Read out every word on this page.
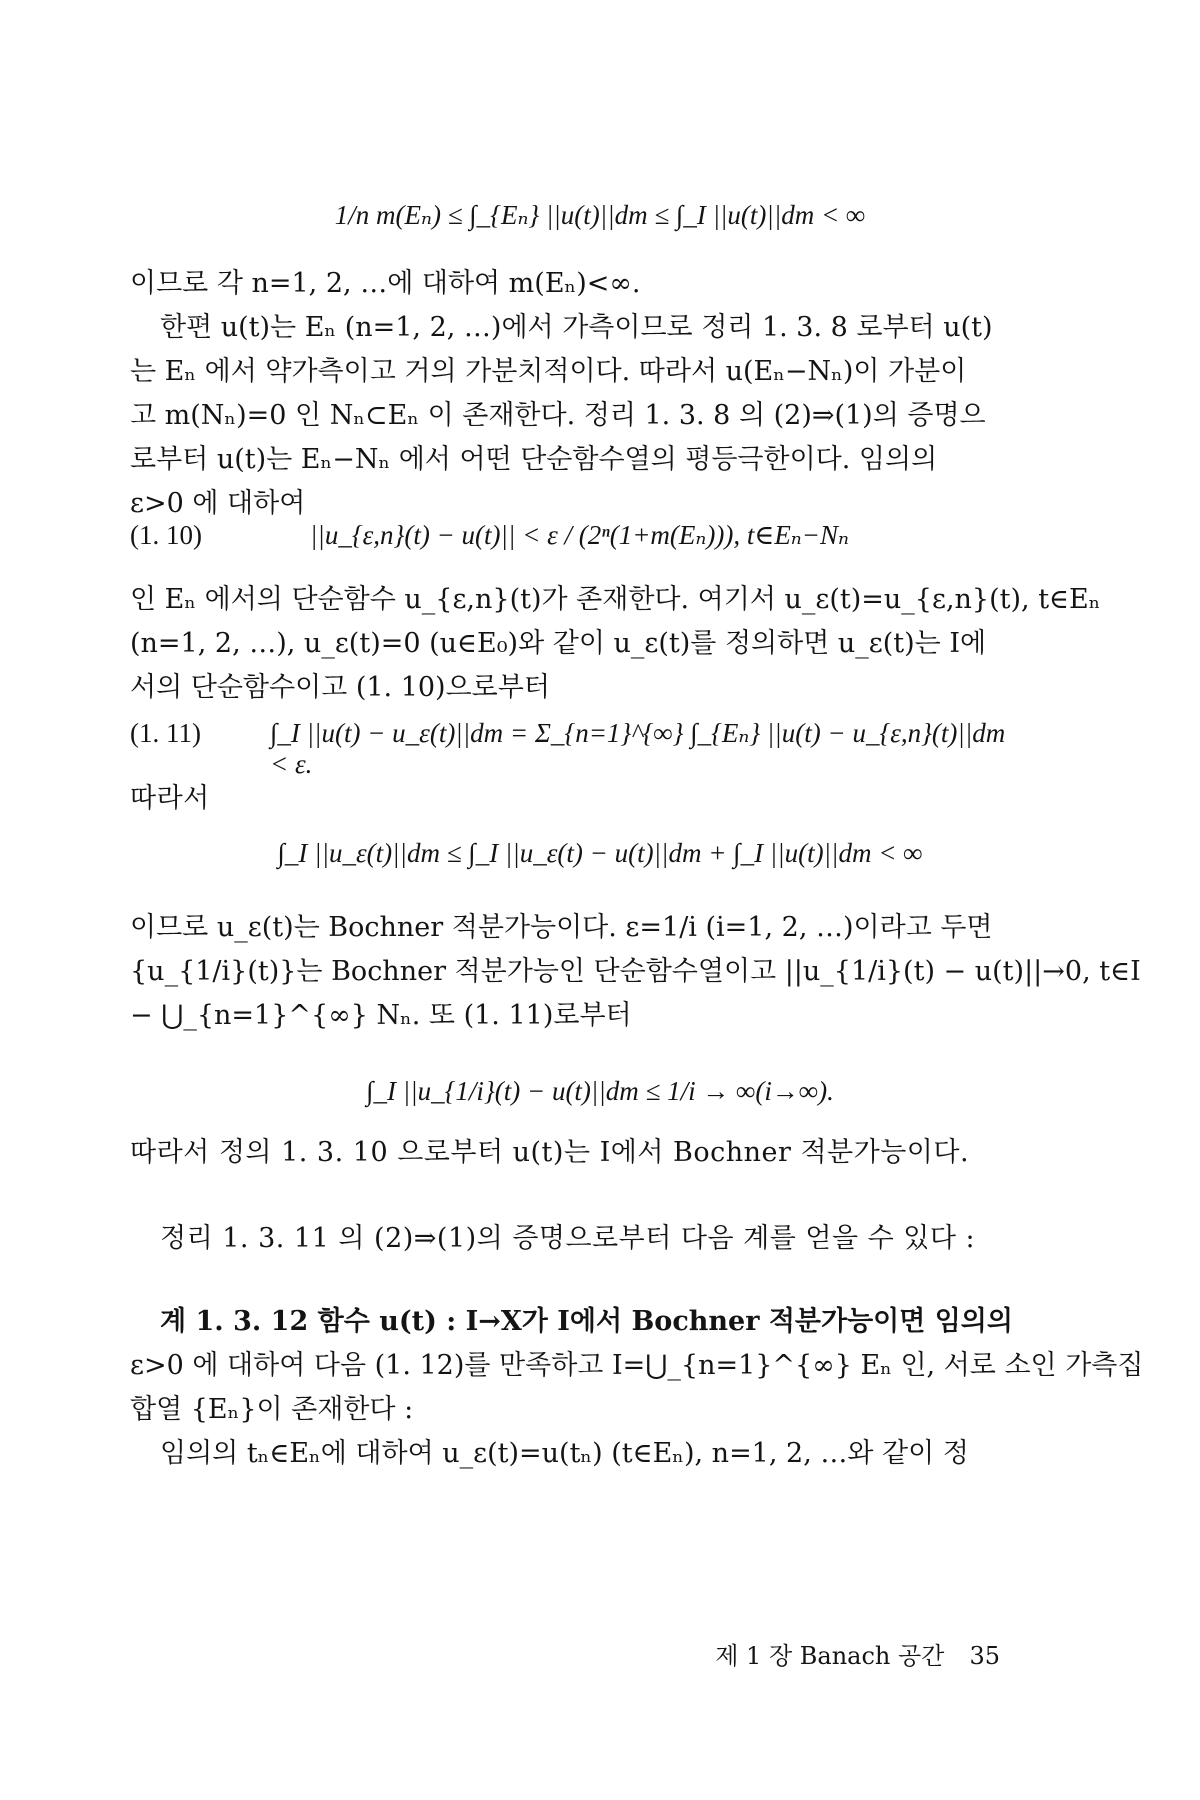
1/n m(Eₙ) ≤ ∫_{Eₙ} ||u(t)||dm ≤ ∫_I ||u(t)||dm < ∞
이므로 각 n=1, 2, …에 대하여 m(Eₙ)<∞.
한편 u(t)는 Eₙ (n=1, 2, …)에서 가측이므로 정리 1. 3. 8 로부터 u(t)
는 Eₙ 에서 약가측이고 거의 가분치적이다. 따라서 u(Eₙ−Nₙ)이 가분이
고 m(Nₙ)=0 인 Nₙ⊂Eₙ 이 존재한다. 정리 1. 3. 8 의 (2)⇒(1)의 증명으
로부터 u(t)는 Eₙ−Nₙ 에서 어떤 단순함수열의 평등극한이다. 임의의
ε>0 에 대하여
(1. 10)	||u_{ε,n}(t) − u(t)|| < ε / (2ⁿ(1+m(Eₙ))), t∈Eₙ−Nₙ
인 Eₙ 에서의 단순함수 u_{ε,n}(t)가 존재한다. 여기서 u_ε(t)=u_{ε,n}(t), t∈Eₙ
(n=1, 2, …), u_ε(t)=0 (u∈E₀)와 같이 u_ε(t)를 정의하면 u_ε(t)는 I에
서의 단순함수이고 (1. 10)으로부터
(1. 11)	∫_I ||u(t) − u_ε(t)||dm = Σ_{n=1}^{∞} ∫_{Eₙ} ||u(t) − u_{ε,n}(t)||dm < ε.
따라서
∫_I ||u_ε(t)||dm ≤ ∫_I ||u_ε(t) − u(t)||dm + ∫_I ||u(t)||dm < ∞
이므로 u_ε(t)는 Bochner 적분가능이다. ε=1/i (i=1, 2, …)이라고 두면
{u_{1/i}(t)}는 Bochner 적분가능인 단순함수열이고 ||u_{1/i}(t) − u(t)||→0, t∈I
− ⋃_{n=1}^{∞} Nₙ. 또 (1. 11)로부터
∫_I ||u_{1/i}(t) − u(t)||dm ≤ 1/i → ∞(i→∞).
따라서 정의 1. 3. 10 으로부터 u(t)는 I에서 Bochner 적분가능이다.
정리 1. 3. 11 의 (2)⇒(1)의 증명으로부터 다음 계를 얻을 수 있다 :
계 1. 3. 12 함수 u(t) : I→X가 I에서 Bochner 적분가능이면 임의의
ε>0 에 대하여 다음 (1. 12)를 만족하고 I=⋃_{n=1}^{∞} Eₙ 인, 서로 소인 가측집
합열 {Eₙ}이 존재한다 :
임의의 tₙ∈Eₙ에 대하여 u_ε(t)=u(tₙ) (t∈Eₙ), n=1, 2, …와 같이 정
제 1 장 Banach 공간 35
